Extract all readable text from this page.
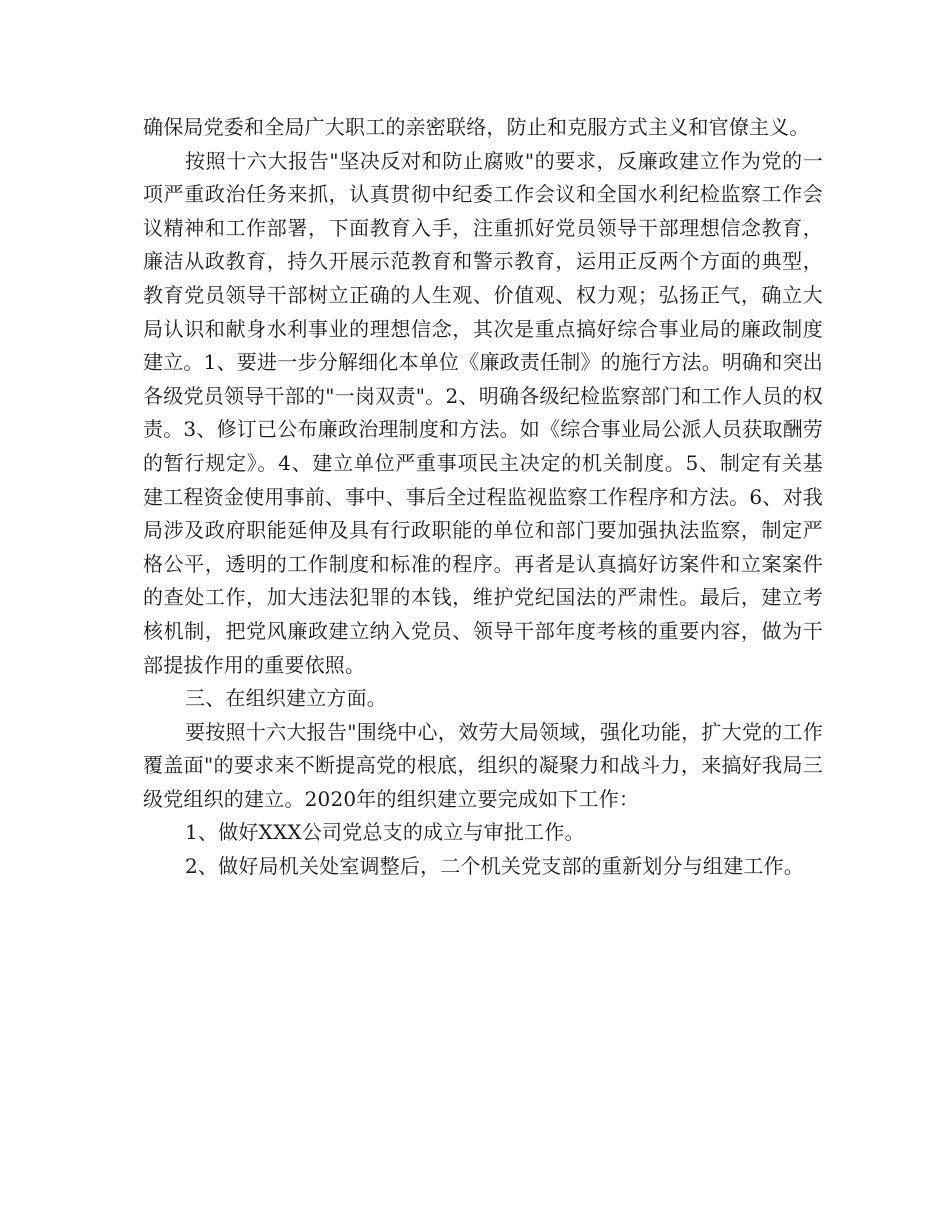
确保局党委和全局广大职工的亲密联络，防止和克服方式主义和官僚主义。

按照十六大报告"坚决反对和防止腐败"的要求，反廉政建立作为党的一项严重政治任务来抓，认真贯彻中纪委工作会议和全国水利纪检监察工作会议精神和工作部署，下面教育入手，注重抓好党员领导干部理想信念教育，廉洁从政教育，持久开展示范教育和警示教育，运用正反两个方面的典型，教育党员领导干部树立正确的人生观、价值观、权力观；弘扬正气，确立大局认识和献身水利事业的理想信念，其次是重点搞好综合事业局的廉政制度建立。1、要进一步分解细化本单位《廉政责任制》的施行方法。明确和突出各级党员领导干部的"一岗双责"。2、明确各级纪检监察部门和工作人员的权责。3、修订已公布廉政治理制度和方法。如《综合事业局公派人员获取酬劳的暂行规定》。4、建立单位严重事项民主决定的机关制度。5、制定有关基建工程资金使用事前、事中、事后全过程监视监察工作程序和方法。6、对我局涉及政府职能延伸及具有行政职能的单位和部门要加强执法监察，制定严格公平，透明的工作制度和标准的程序。再者是认真搞好访案件和立案案件的查处工作，加大违法犯罪的本钱，维护党纪国法的严肃性。最后，建立考核机制，把党风廉政建立纳入党员、领导干部年度考核的重要内容，做为干部提拔作用的重要依照。

三、在组织建立方面。

要按照十六大报告"围绕中心，效劳大局领域，强化功能，扩大党的工作覆盖面"的要求来不断提高党的根底，组织的凝聚力和战斗力，来搞好我局三级党组织的建立。2020年的组织建立要完成如下工作：

1、做好XXX公司党总支的成立与审批工作。

2、做好局机关处室调整后，二个机关党支部的重新划分与组建工作。
